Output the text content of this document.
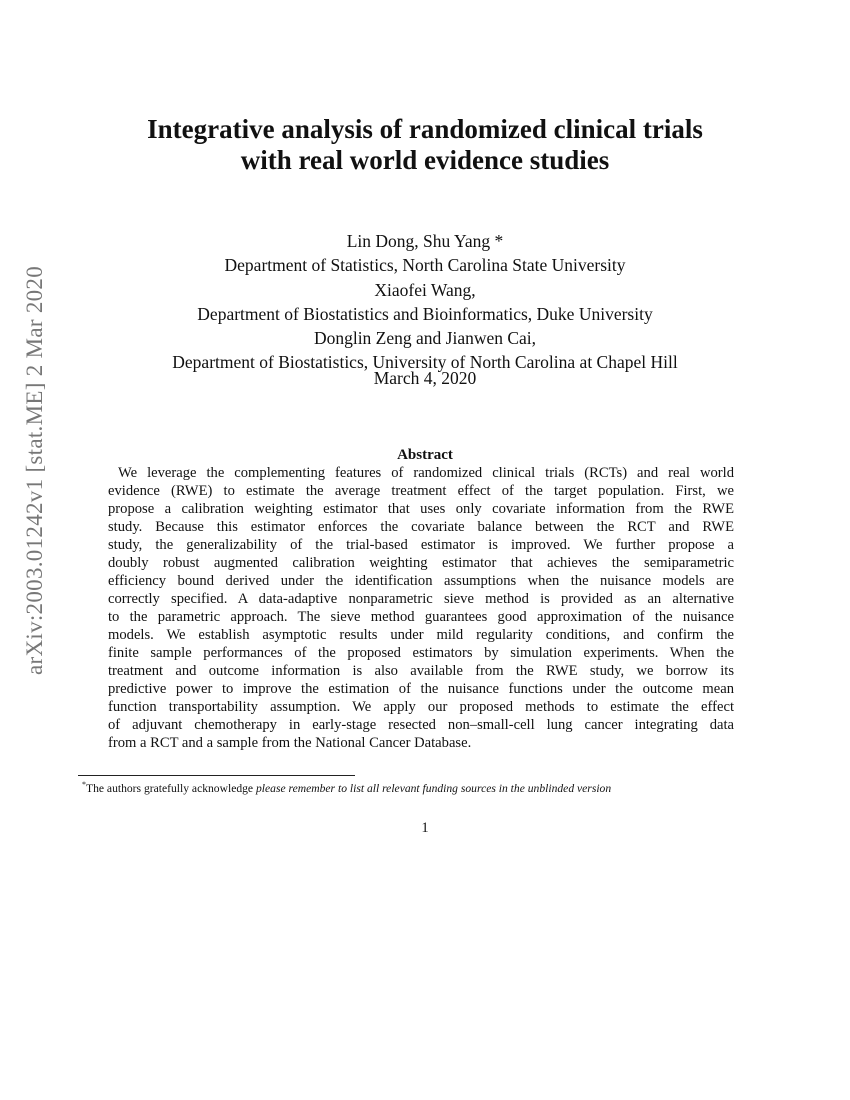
arXiv:2003.01242v1 [stat.ME] 2 Mar 2020
Integrative analysis of randomized clinical trials
with real world evidence studies
Lin Dong, Shu Yang *
Department of Statistics, North Carolina State University
Xiaofei Wang,
Department of Biostatistics and Bioinformatics, Duke University
Donglin Zeng and Jianwen Cai,
Department of Biostatistics, University of North Carolina at Chapel Hill
March 4, 2020
Abstract
We leverage the complementing features of randomized clinical trials (RCTs) and real world
evidence (RWE) to estimate the average treatment effect of the target population. First, we
propose a calibration weighting estimator that uses only covariate information from the RWE
study. Because this estimator enforces the covariate balance between the RCT and RWE
study, the generalizability of the trial-based estimator is improved. We further propose a
doubly robust augmented calibration weighting estimator that achieves the semiparametric
efficiency bound derived under the identification assumptions when the nuisance models are
correctly specified. A data-adaptive nonparametric sieve method is provided as an alternative
to the parametric approach. The sieve method guarantees good approximation of the nuisance
models. We establish asymptotic results under mild regularity conditions, and confirm the
finite sample performances of the proposed estimators by simulation experiments. When the
treatment and outcome information is also available from the RWE study, we borrow its
predictive power to improve the estimation of the nuisance functions under the outcome mean
function transportability assumption. We apply our proposed methods to estimate the effect
of adjuvant chemotherapy in early-stage resected non–small-cell lung cancer integrating data
from a RCT and a sample from the National Cancer Database.
*The authors gratefully acknowledge please remember to list all relevant funding sources in the unblinded version
1
